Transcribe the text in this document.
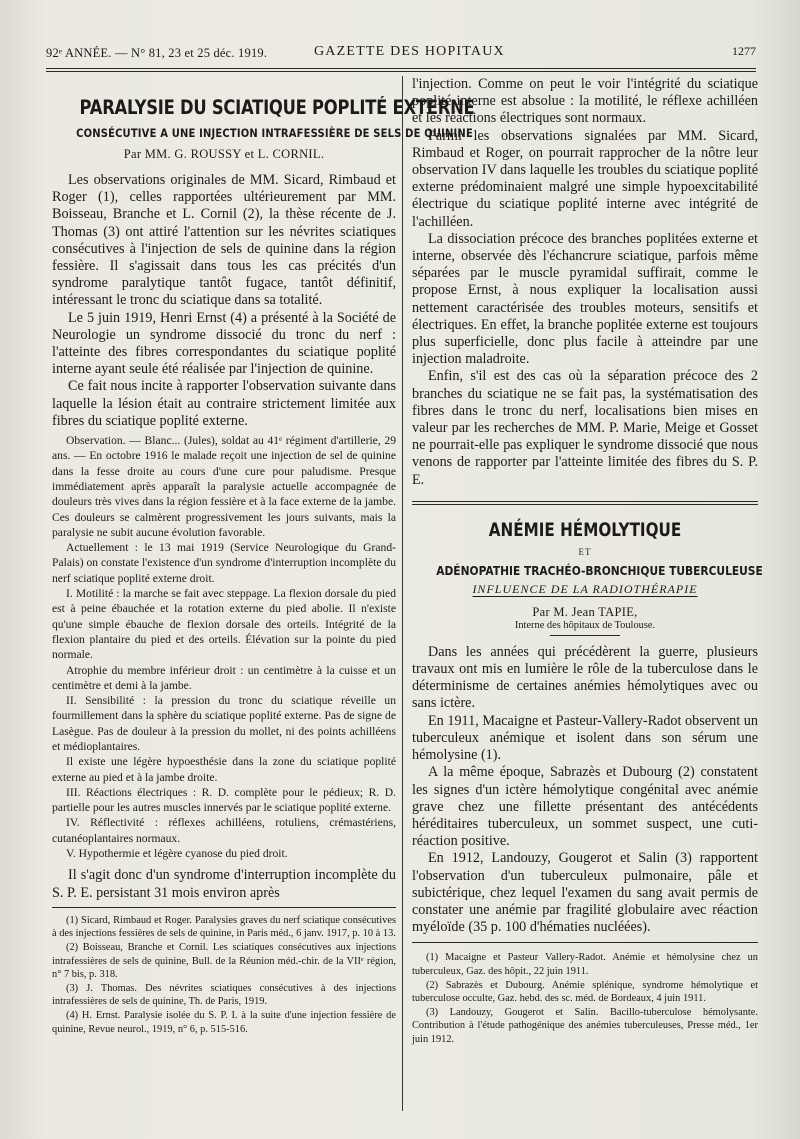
92ᵉ ANNÉE. — N° 81, 23 et 25 déc. 1919.	GAZETTE DES HOPITAUX	1277
PARALYSIE DU SCIATIQUE POPLITÉ EXTERNE
CONSÉCUTIVE A UNE INJECTION INTRAFESSIÈRE DE SELS DE QUININE
Par MM. G. ROUSSY et L. CORNIL.

Les observations originales de MM. Sicard, Rimbaud et Roger (1), celles rapportées ultérieurement par MM. Boisseau, Branche et L. Cornil (2), la thèse récente de J. Thomas (3) ont attiré l'attention sur les névrites sciatiques consécutives à l'injection de sels de quinine dans la région fessière. Il s'agissait dans tous les cas précités d'un syndrome paralytique tantôt fugace, tantôt définitif, intéressant le tronc du sciatique dans sa totalité.

Le 5 juin 1919, Henri Ernst (4) a présenté à la Société de Neurologie un syndrome dissocié du tronc du nerf : l'atteinte des fibres correspondantes du sciatique poplité interne ayant seule été réalisée par l'injection de quinine.

Ce fait nous incite à rapporter l'observation suivante dans laquelle la lésion était au contraire strictement limitée aux fibres du sciatique poplité externe.

Observation. — Blanc... (Jules), soldat au 41ᵉ régiment d'artillerie, 29 ans. — En octobre 1916 le malade reçoit une injection de sel de quinine dans la fesse droite au cours d'une cure pour paludisme. Presque immédiatement après apparaît la paralysie actuelle accompagnée de douleurs très vives dans la région fessière et à la face externe de la jambe. Ces douleurs se calmèrent progressivement les jours suivants, mais la paralysie ne subit aucune évolution favorable.

Actuellement : le 13 mai 1919 (Service Neurologique du Grand-Palais) on constate l'existence d'un syndrome d'interruption incomplète du nerf sciatique poplité externe droit.

I. Motilité : la marche se fait avec steppage. La flexion dorsale du pied est à peine ébauchée et la rotation externe du pied abolie. Il n'existe qu'une simple ébauche de flexion dorsale des orteils. Intégrité de la flexion plantaire du pied et des orteils. Élévation sur la pointe du pied normale.

Atrophie du membre inférieur droit : un centimètre à la cuisse et un centimètre et demi à la jambe.

II. Sensibilité : la pression du tronc du sciatique réveille un fourmillement dans la sphère du sciatique poplité externe. Pas de signe de Lasègue. Pas de douleur à la pression du mollet, ni des points achilléens et médioplantaires.

Il existe une légère hypoesthésie dans la zone du sciatique poplité externe au pied et à la jambe droite.

III. Réactions électriques : R. D. complète pour le pédieux; R. D. partielle pour les autres muscles innervés par le sciatique poplité externe.

IV. Réflectivité : réflexes achilléens, rotuliens, crémastériens, cutanéoplantaires normaux.

V. Hypothermie et légère cyanose du pied droit.

Il s'agit donc d'un syndrome d'interruption incomplète du S. P. E. persistant 31 mois environ après

(1) Sicard, Rimbaud et Roger. Paralysies graves du nerf sciatique consécutives à des injections fessières de sels de quinine, in Paris méd., 6 janv. 1917, p. 10 à 13.

(2) Boisseau, Branche et Cornil. Les sciatiques consécutives aux injections intrafessières de sels de quinine, Bull. de la Réunion méd.-chir. de la VIIᵉ région, n° 7 bis, p. 318.

(3) J. Thomas. Des névrites sciatiques consécutives à des injections intrafessières de sels de quinine, Th. de Paris, 1919.

(4) H. Ernst. Paralysie isolée du S. P. I. à la suite d'une injection fessière de quinine, Revue neurol., 1919, n° 6, p. 515-516.

l'injection. Comme on peut le voir l'intégrité du sciatique poplité interne est absolue : la motilité, le réflexe achilléen et les réactions électriques sont normaux.

Parmi les observations signalées par MM. Sicard, Rimbaud et Roger, on pourrait rapprocher de la nôtre leur observation IV dans laquelle les troubles du sciatique poplité externe prédominaient malgré une simple hypoexcitabilité électrique du sciatique poplité interne avec intégrité de l'achilléen.

La dissociation précoce des branches poplitées externe et interne, observée dès l'échancrure sciatique, parfois même séparées par le muscle pyramidal suffirait, comme le propose Ernst, à nous expliquer la localisation aussi nettement caractérisée des troubles moteurs, sensitifs et électriques. En effet, la branche poplitée externe est toujours plus superficielle, donc plus facile à atteindre par une injection maladroite.

Enfin, s'il est des cas où la séparation précoce des 2 branches du sciatique ne se fait pas, la systématisation des fibres dans le tronc du nerf, localisations bien mises en valeur par les recherches de MM. P. Marie, Meige et Gosset ne pourrait-elle pas expliquer le syndrome dissocié que nous venons de rapporter par l'atteinte limitée des fibres du S. P. E.

ANÉMIE HÉMOLYTIQUE
ET
ADÉNOPATHIE TRACHÉO-BRONCHIQUE TUBERCULEUSE
INFLUENCE DE LA RADIOTHÉRAPIE
Par M. Jean TAPIE,
Interne des hôpitaux de Toulouse.

Dans les années qui précédèrent la guerre, plusieurs travaux ont mis en lumière le rôle de la tuberculose dans le déterminisme de certaines anémies hémolytiques avec ou sans ictère.

En 1911, Macaigne et Pasteur-Vallery-Radot observent un tuberculeux anémique et isolent dans son sérum une hémolysine (1).

A la même époque, Sabrazès et Dubourg (2) constatent les signes d'un ictère hémolytique congénital avec anémie grave chez une fillette présentant des antécédents héréditaires tuberculeux, un sommet suspect, une cuti-réaction positive.

En 1912, Landouzy, Gougerot et Salin (3) rapportent l'observation d'un tuberculeux pulmonaire, pâle et subictérique, chez lequel l'examen du sang avait permis de constater une anémie par fragilité globulaire avec réaction myéloïde (35 p. 100 d'hématies nucléées).

(1) Macaigne et Pasteur Vallery-Radot. Anémie et hémolysine chez un tuberculeux, Gaz. des hôpit., 22 juin 1911.

(2) Sabrazès et Dubourg. Anémie splénique, syndrome hémolytique et tuberculose occulte, Gaz. hebd. des sc. méd. de Bordeaux, 4 juin 1911.

(3) Landouzy, Gougerot et Salin. Bacillo-tuberculose hémolysante. Contribution à l'étude pathogénique des anémies tuberculeuses, Presse méd., 1er juin 1912.
